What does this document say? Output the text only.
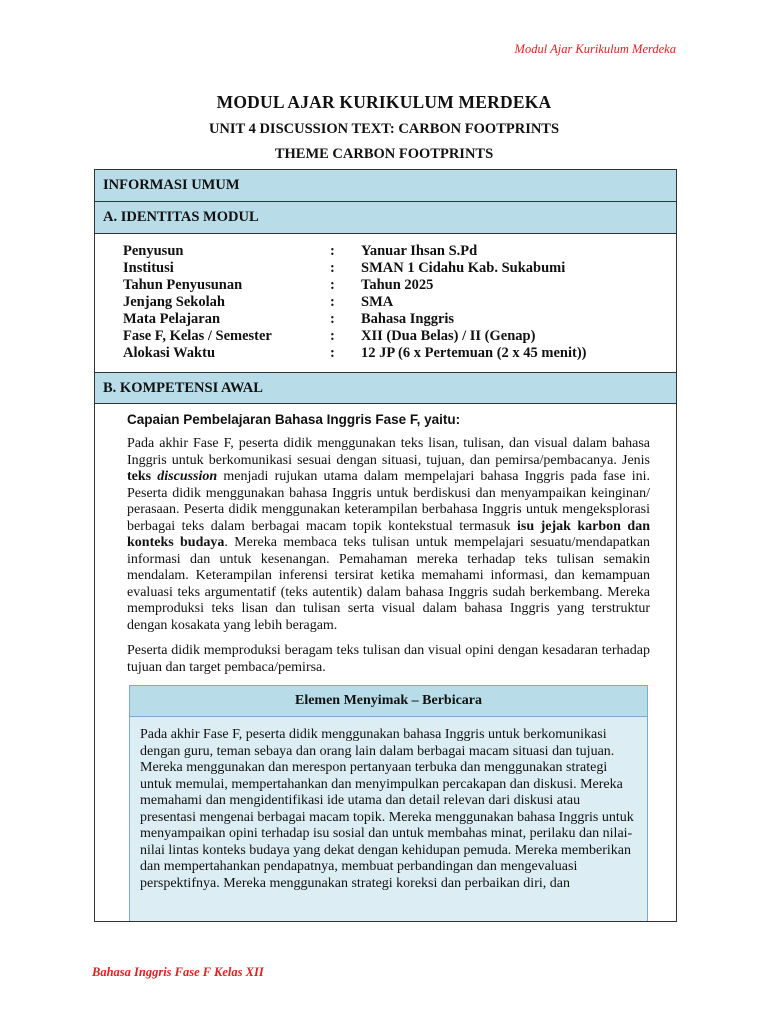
Modul Ajar Kurikulum Merdeka
MODUL AJAR KURIKULUM MERDEKA
UNIT 4 DISCUSSION TEXT: CARBON FOOTPRINTS
THEME CARBON FOOTPRINTS
INFORMASI UMUM
A. IDENTITAS MODUL
Penyusun	:	Yanuar Ihsan S.Pd
Institusi	:	SMAN 1 Cidahu Kab. Sukabumi
Tahun Penyusunan	:	Tahun 2025
Jenjang Sekolah	:	SMA
Mata Pelajaran	:	Bahasa Inggris
Fase F, Kelas / Semester	:	XII (Dua Belas) / II (Genap)
Alokasi Waktu	:	12 JP (6 x Pertemuan (2 x 45 menit))
B. KOMPETENSI AWAL
Capaian Pembelajaran Bahasa Inggris Fase F, yaitu:

Pada akhir Fase F, peserta didik menggunakan teks lisan, tulisan, dan visual dalam bahasa Inggris untuk berkomunikasi sesuai dengan situasi, tujuan, dan pemirsa/pembacanya. Jenis teks discussion menjadi rujukan utama dalam mempelajari bahasa Inggris pada fase ini. Peserta didik menggunakan bahasa Inggris untuk berdiskusi dan menyampaikan keinginan/ perasaan. Peserta didik menggunakan keterampilan berbahasa Inggris untuk mengeksplorasi berbagai teks dalam berbagai macam topik kontekstual termasuk isu jejak karbon dan konteks budaya. Mereka membaca teks tulisan untuk mempelajari sesuatu/mendapatkan informasi dan untuk kesenangan. Pemahaman mereka terhadap teks tulisan semakin mendalam. Keterampilan inferensi tersirat ketika memahami informasi, dan kemampuan evaluasi teks argumentatif (teks autentik) dalam bahasa Inggris sudah berkembang. Mereka memproduksi teks lisan dan tulisan serta visual dalam bahasa Inggris yang terstruktur dengan kosakata yang lebih beragam.

Peserta didik memproduksi beragam teks tulisan dan visual opini dengan kesadaran terhadap tujuan dan target pembaca/pemirsa.

Elemen Menyimak – Berbicara
Pada akhir Fase F, peserta didik menggunakan bahasa Inggris untuk berkomunikasi dengan guru, teman sebaya dan orang lain dalam berbagai macam situasi dan tujuan. Mereka menggunakan dan merespon pertanyaan terbuka dan menggunakan strategi untuk memulai, mempertahankan dan menyimpulkan percakapan dan diskusi. Mereka memahami dan mengidentifikasi ide utama dan detail relevan dari diskusi atau presentasi mengenai berbagai macam topik. Mereka menggunakan bahasa Inggris untuk menyampaikan opini terhadap isu sosial dan untuk membahas minat, perilaku dan nilai-nilai lintas konteks budaya yang dekat dengan kehidupan pemuda. Mereka memberikan dan mempertahankan pendapatnya, membuat perbandingan dan mengevaluasi perspektifnya. Mereka menggunakan strategi koreksi dan perbaikan diri, dan
Bahasa Inggris Fase F Kelas XII
